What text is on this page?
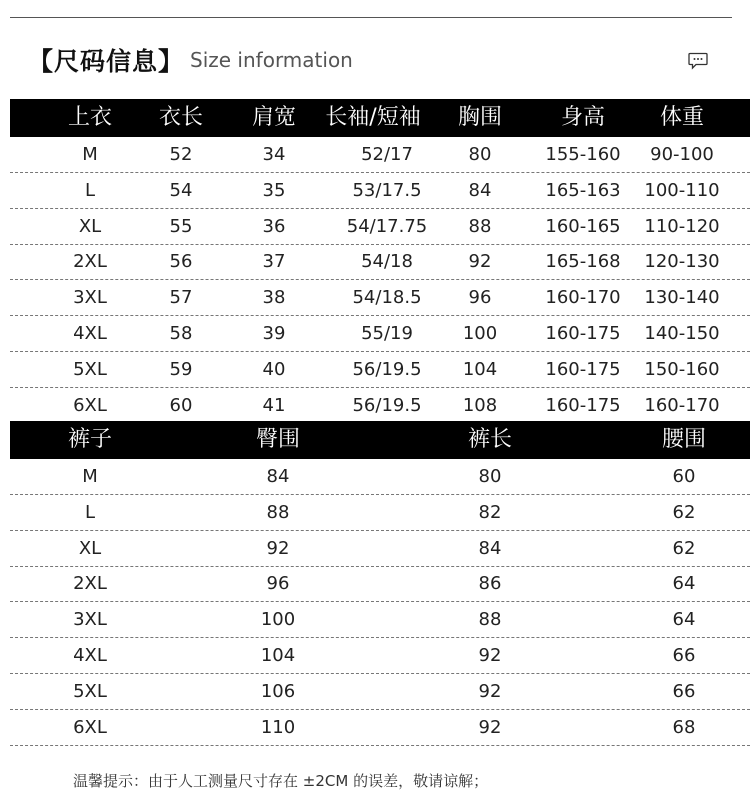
【尺码信息】 Size information
上衣 衣长 肩宽 长袖/短袖 胸围	身高 体重
M	52	34	52/17	80	155-160 90-100
L	54	35	53/17.5	84	165-163 100-110
XL	55	36	54/17.75 88	160-165 110-120
2XL	56	37	54/18	92	165-168 120-130
3XL	57	38	54/18.5	96	160-170 130-140
4XL	58	39	55/19	100	160-175 140-150
5XL	59	40	56/19.5 104	160-175 150-160
6XL	60	41	56/19.5 108	160-175 160-170
裤子	臀围	裤长	腰围
M	84	80	60
L	88	82	62
XL	92	84	62
2XL	96	86	64
3XL	100	88	64
4XL	104	92	66
5XL	106	92	66
6XL	110	92	68
温馨提示：由于人工测量尺寸存在 ±2CM 的误差，敬请谅解；
